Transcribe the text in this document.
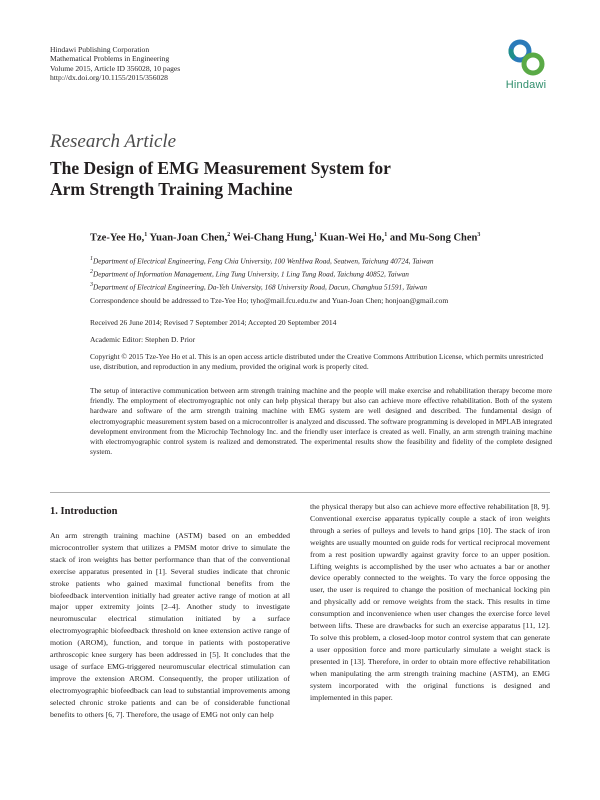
Hindawi Publishing Corporation
Mathematical Problems in Engineering
Volume 2015, Article ID 356028, 10 pages
http://dx.doi.org/10.1155/2015/356028
Hindawi
Research Article
The Design of EMG Measurement System for
Arm Strength Training Machine
Tze-Yee Ho,$^1$ Yuan-Joan Chen,$^2$ Wei-Chang Hung,$^1$ Kuan-Wei Ho,$^1$ and Mu-Song Chen$^3$
$^1$Department of Electrical Engineering, Feng Chia University, 100 WenHwa Road, Seatwen, Taichung 40724, Taiwan
$^2$Department of Information Management, Ling Tung University, 1 Ling Tung Road, Taichung 40852, Taiwan
$^3$Department of Electrical Engineering, Da-Yeh University, 168 University Road, Dacun, Changhua 51591, Taiwan
Correspondence should be addressed to Tze-Yee Ho; tyho@mail.fcu.edu.tw and Yuan-Joan Chen; honjoan@gmail.com
Received 26 June 2014; Revised 7 September 2014; Accepted 20 September 2014
Academic Editor: Stephen D. Prior
Copyright © 2015 Tze-Yee Ho et al. This is an open access article distributed under the Creative Commons Attribution License, which permits unrestricted use, distribution, and reproduction in any medium, provided the original work is properly cited.
The setup of interactive communication between arm strength training machine and the people will make exercise and rehabilitation therapy become more friendly. The employment of electromyographic not only can help physical therapy but also can achieve more effective rehabilitation. Both of the system hardware and software of the arm strength training machine with EMG system are well designed and described. The fundamental design of electromyographic measurement system based on a microcontroller is analyzed and discussed. The software programming is developed in MPLAB integrated development environment from the Microchip Technology Inc. and the friendly user interface is created as well. Finally, an arm strength training machine with electromyographic control system is realized and demonstrated. The experimental results show the feasibility and fidelity of the complete designed system.
1. Introduction
An arm strength training machine (ASTM) based on an embedded microcontroller system that utilizes a PMSM motor drive to simulate the stack of iron weights has better performance than that of the conventional exercise apparatus presented in [1]. Several studies indicate that chronic stroke patients who gained maximal functional benefits from the biofeedback intervention initially had greater active range of motion at all major upper extremity joints [2–4]. Another study to investigate neuromuscular electrical stimulation initiated by a surface electromyographic biofeedback threshold on knee extension active range of motion (AROM), function, and torque in patients with postoperative arthroscopic knee surgery has been addressed in [5]. It concludes that the usage of surface EMG-triggered neuromuscular electrical stimulation can improve the extension AROM. Consequently, the proper utilization of electromyographic biofeedback can lead to substantial improvements among selected chronic stroke patients and can be of considerable functional benefits to others [6, 7]. Therefore, the usage of EMG not only can help
the physical therapy but also can achieve more effective rehabilitation [8, 9]. Conventional exercise apparatus typically couple a stack of iron weights through a series of pulleys and levels to hand grips [10]. The stack of iron weights are usually mounted on guide rods for vertical reciprocal movement from a rest position upwardly against gravity force to an upper position. Lifting weights is accomplished by the user who actuates a bar or another device operably connected to the weights. To vary the force opposing the user, the user is required to change the position of mechanical locking pin and physically add or remove weights from the stack. This results in time consumption and inconvenience when user changes the exercise force level between lifts. These are drawbacks for such an exercise apparatus [11, 12]. To solve this problem, a closed-loop motor control system that can generate a user opposition force and more particularly simulate a weight stack is presented in [13]. Therefore, in order to obtain more effective rehabilitation when manipulating the arm strength training machine (ASTM), an EMG system incorporated with the original functions is designed and implemented in this paper.
